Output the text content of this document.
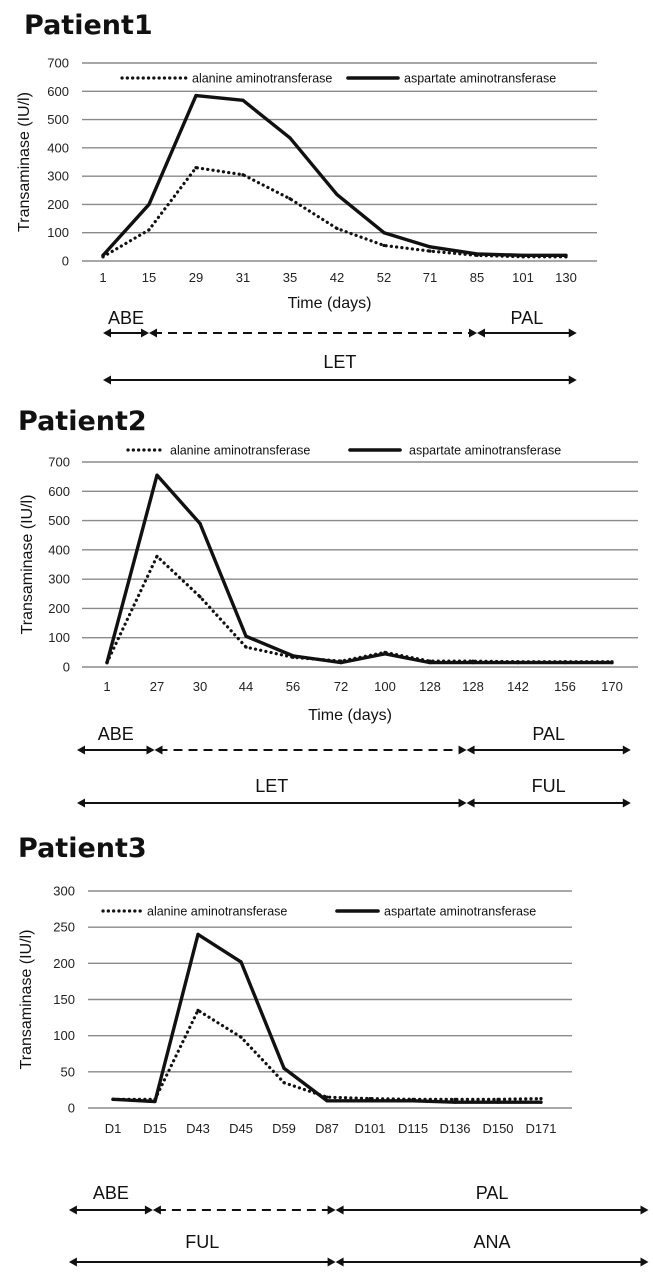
Patient1
0
100
200
300
400
500
600
700
1	15	29	31	35	42	52 71	85 101 130
Time (days)
Transaminase (IU/l)
alanine aminotransferase	aspartate aminotransferase
ABE	PAL
LET
Patient2
0
100
200
300
400
500
600
700
1	27 30 44	56	72 100 128 128 142 156 170
Time (days)
Transaminase (IU/l)
alanine aminotransferase	aspartate aminotransferase
ABE	PAL
LET	FUL
Patient3
0
50
100
150
200
250
300
D1 D15 D43 D45 D59 D87 D101 D115 D136 D150 D171
Transaminase (IU/l)
alanine aminotransferase	aspartate aminotransferase
ABE	PAL
FUL	ANA
